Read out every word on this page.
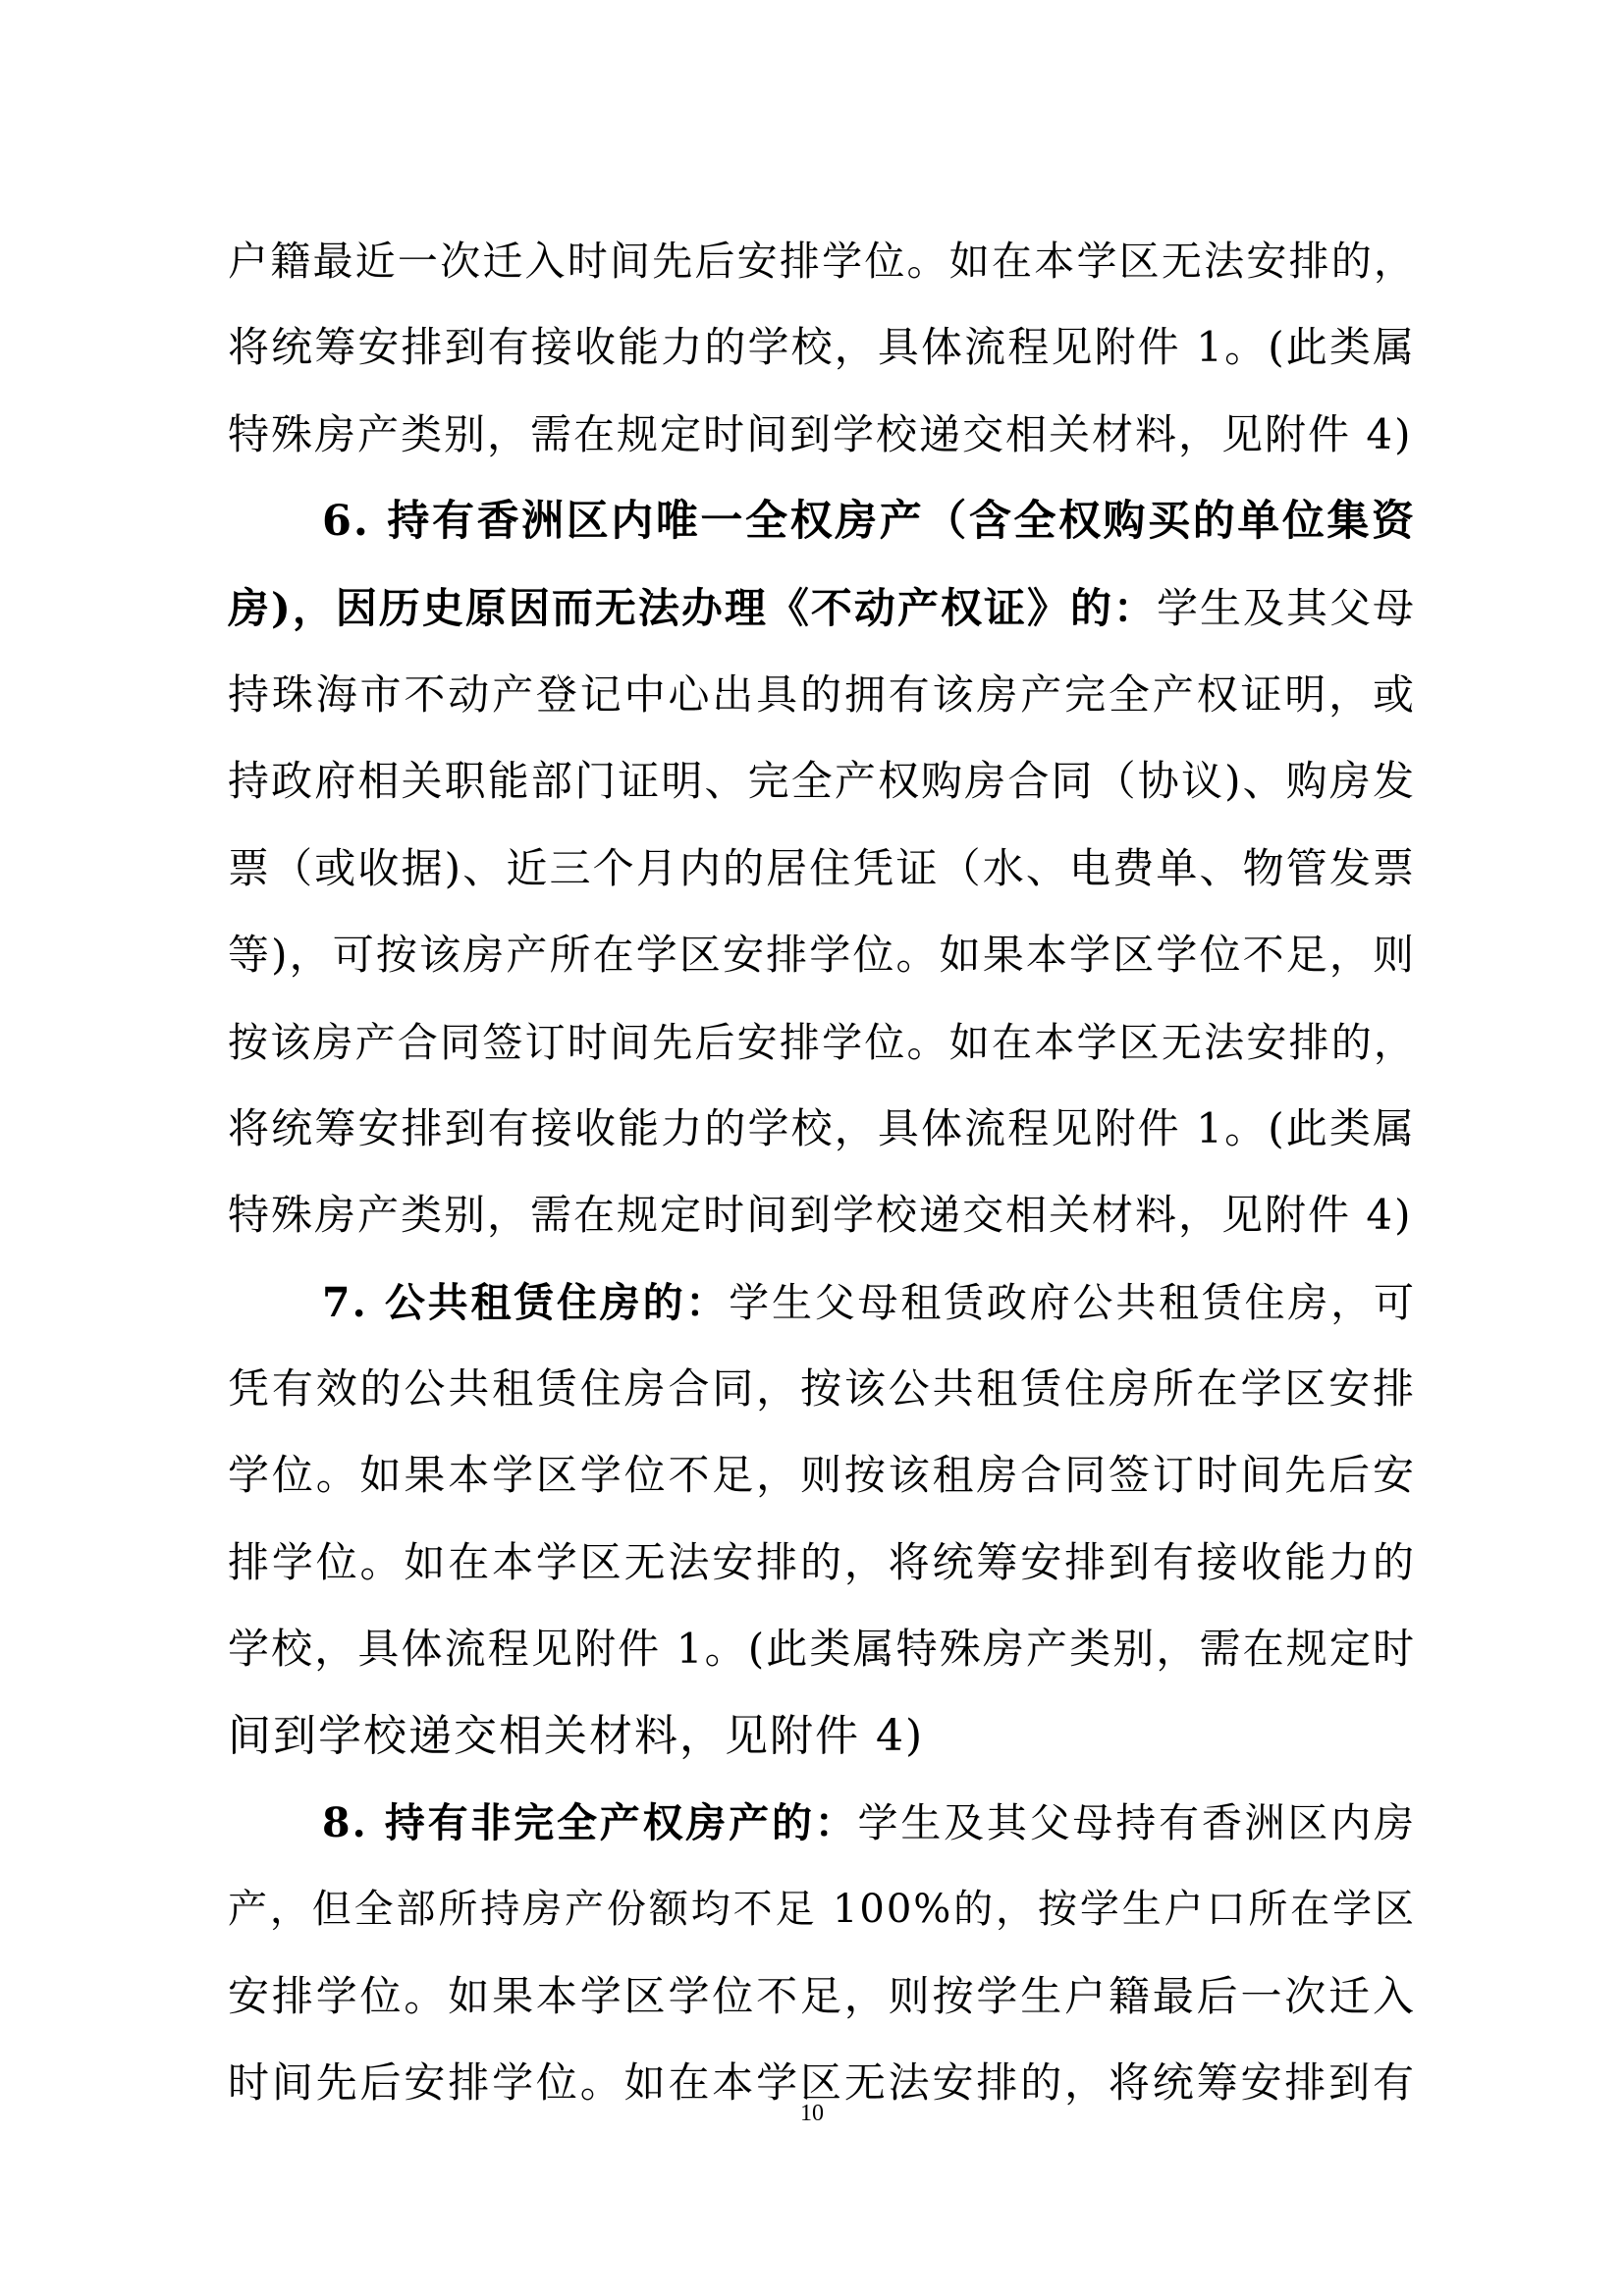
户籍最近一次迁入时间先后安排学位。如在本学区无法安排的，
将统筹安排到有接收能力的学校，具体流程见附件 1。(此类属
特殊房产类别，需在规定时间到学校递交相关材料，见附件 4)
6. 持有香洲区内唯一全权房产（含全权购买的单位集资
房)，因历史原因而无法办理《不动产权证》的：学生及其父母
持珠海市不动产登记中心出具的拥有该房产完全产权证明，或
持政府相关职能部门证明、完全产权购房合同（协议)、购房发
票（或收据)、近三个月内的居住凭证（水、电费单、物管发票
等)，可按该房产所在学区安排学位。如果本学区学位不足，则
按该房产合同签订时间先后安排学位。如在本学区无法安排的，
将统筹安排到有接收能力的学校，具体流程见附件 1。(此类属
特殊房产类别，需在规定时间到学校递交相关材料，见附件 4)
7. 公共租赁住房的：学生父母租赁政府公共租赁住房，可
凭有效的公共租赁住房合同，按该公共租赁住房所在学区安排
学位。如果本学区学位不足，则按该租房合同签订时间先后安
排学位。如在本学区无法安排的，将统筹安排到有接收能力的
学校，具体流程见附件 1。(此类属特殊房产类别，需在规定时
间到学校递交相关材料，见附件 4)
8. 持有非完全产权房产的：学生及其父母持有香洲区内房
产，但全部所持房产份额均不足 100%的，按学生户口所在学区
安排学位。如果本学区学位不足，则按学生户籍最后一次迁入
时间先后安排学位。如在本学区无法安排的，将统筹安排到有
10
